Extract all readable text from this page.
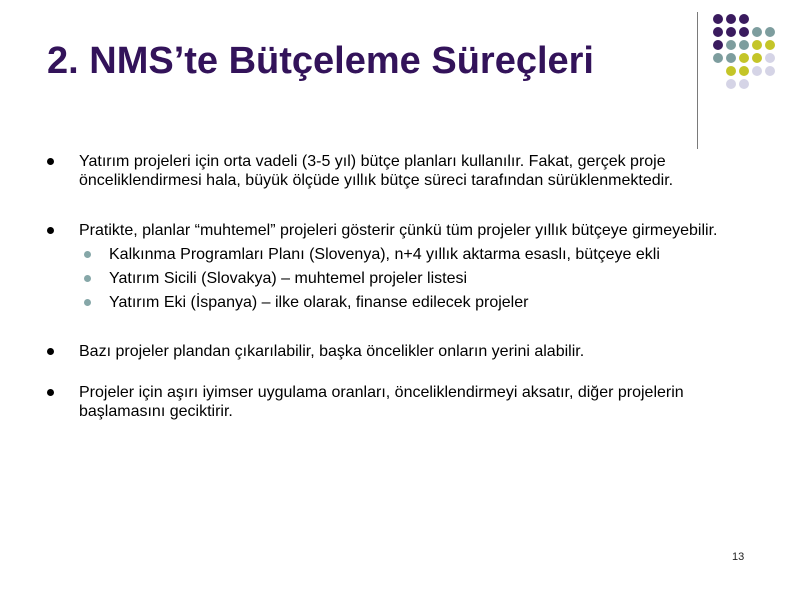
2. NMS’te Bütçeleme Süreçleri
Yatırım projeleri için orta vadeli (3-5 yıl) bütçe planları kullanılır. Fakat, gerçek proje önceliklendirmesi hala, büyük ölçüde yıllık bütçe süreci tarafından sürüklenmektedir.
Pratikte, planlar “muhtemel” projeleri gösterir çünkü tüm projeler yıllık bütçeye girmeyebilir.
Kalkınma Programları Planı (Slovenya), n+4 yıllık aktarma esaslı, bütçeye ekli
Yatırım Sicili (Slovakya) – muhtemel projeler listesi
Yatırım Eki (İspanya) – ilke olarak, finanse edilecek projeler
Bazı projeler plandan çıkarılabilir, başka öncelikler onların yerini alabilir.
Projeler için aşırı iyimser uygulama oranları, önceliklendirmeyi aksatır, diğer projelerin başlamasını geciktirir.
13
